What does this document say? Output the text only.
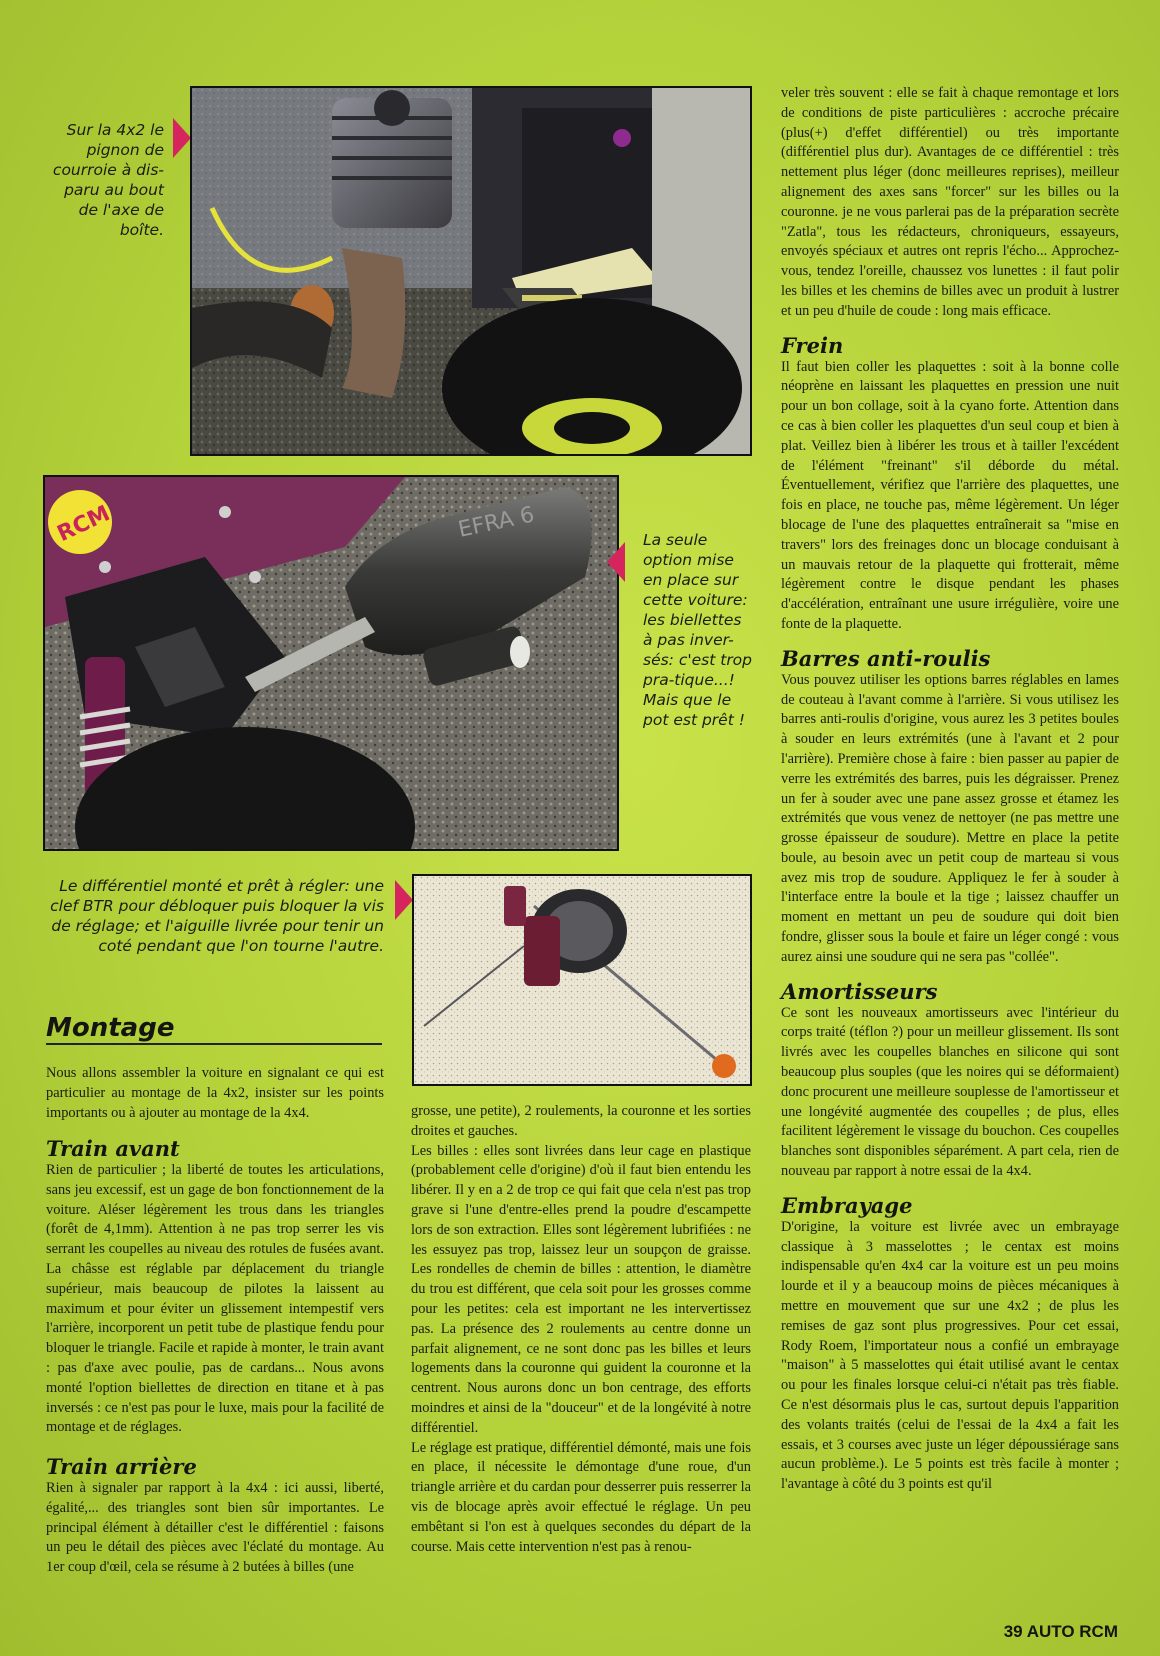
Sur la 4x2 le pignon de courroie à dis-paru au bout de l'axe de boîte.
RCM	EFRA 6	La seule option mise en place sur cette voiture: les biellettes à pas inver-sés: c'est trop pra-tique...! Mais que le pot est prêt !
Le différentiel monté et prêt à régler: une clef BTR pour débloquer puis bloquer la vis de réglage; et l'aiguille livrée pour tenir un coté pendant que l'on tourne l'autre.
Montage

Nous allons assembler la voiture en signalant ce qui est particulier au montage de la 4x2, insister sur les points importants ou à ajouter au montage de la 4x4.

Train avant

Rien de particulier ; la liberté de toutes les articulations, sans jeu excessif, est un gage de bon fonctionnement de la voiture. Aléser légèrement les trous dans les triangles (forêt de 4,1mm). Attention à ne pas trop serrer les vis serrant les coupelles au niveau des rotules de fusées avant. La châsse est réglable par déplacement du triangle supérieur, mais beaucoup de pilotes la laissent au maximum et pour éviter un glissement intempestif vers l'arrière, incorporent un petit tube de plastique fendu pour bloquer le triangle. Facile et rapide à monter, le train avant : pas d'axe avec poulie, pas de cardans... Nous avons monté l'option biellettes de direction en titane et à pas inversés : ce n'est pas pour le luxe, mais pour la facilité de montage et de réglages.

Train arrière

Rien à signaler par rapport à la 4x4 : ici aussi, liberté, égalité,... des triangles sont bien sûr importantes. Le principal élément à détailler c'est le différentiel : faisons un peu le détail des pièces avec l'éclaté du montage. Au 1er coup d'œil, cela se résume à 2 butées à billes (une

grosse, une petite), 2 roulements, la couronne et les sorties droites et gauches.

Les billes : elles sont livrées dans leur cage en plastique (probablement celle d'origine) d'où il faut bien entendu les libérer. Il y en a 2 de trop ce qui fait que cela n'est pas trop grave si l'une d'entre-elles prend la poudre d'escampette lors de son extraction. Elles sont légèrement lubrifiées : ne les essuyez pas trop, laissez leur un soupçon de graisse. Les rondelles de chemin de billes : attention, le diamètre du trou est différent, que cela soit pour les grosses comme pour les petites: cela est important ne les intervertissez pas. La présence des 2 roulements au centre donne un parfait alignement, ce ne sont donc pas les billes et leurs logements dans la couronne qui guident la couronne et la centrent. Nous aurons donc un bon centrage, des efforts moindres et ainsi de la "douceur" et de la longévité à notre différentiel.

Le réglage est pratique, différentiel démonté, mais une fois en place, il nécessite le démontage d'une roue, d'un triangle arrière et du cardan pour desserrer puis resserrer la vis de blocage après avoir effectué le réglage. Un peu embêtant si l'on est à quelques secondes du départ de la course. Mais cette intervention n'est pas à renou-

veler très souvent : elle se fait à chaque remontage et lors de conditions de piste particulières : accroche précaire (plus(+) d'effet différentiel) ou très importante (différentiel plus dur). Avantages de ce différentiel : très nettement plus léger (donc meilleures reprises), meilleur alignement des axes sans "forcer" sur les billes ou la couronne. je ne vous parlerai pas de la préparation secrète "Zatla", tous les rédacteurs, chroniqueurs, essayeurs, envoyés spéciaux et autres ont repris l'écho... Approchez-vous, tendez l'oreille, chaussez vos lunettes : il faut polir les billes et les chemins de billes avec un produit à lustrer et un peu d'huile de coude : long mais efficace.

Frein

Il faut bien coller les plaquettes : soit à la bonne colle néoprène en laissant les plaquettes en pression une nuit pour un bon collage, soit à la cyano forte. Attention dans ce cas à bien coller les plaquettes d'un seul coup et bien à plat. Veillez bien à libérer les trous et à tailler l'excédent de l'élément "freinant" s'il déborde du métal. Éventuellement, vérifiez que l'arrière des plaquettes, une fois en place, ne touche pas, même légèrement. Un léger blocage de l'une des plaquettes entraînerait sa "mise en travers" lors des freinages donc un blocage conduisant à un mauvais retour de la plaquette qui frotterait, même légèrement contre le disque pendant les phases d'accélération, entraînant une usure irrégulière, voire une fonte de la plaquette.

Barres anti-roulis

Vous pouvez utiliser les options barres réglables en lames de couteau à l'avant comme à l'arrière. Si vous utilisez les barres anti-roulis d'origine, vous aurez les 3 petites boules à souder en leurs extrémités (une à l'avant et 2 pour l'arrière). Première chose à faire : bien passer au papier de verre les extrémités des barres, puis les dégraisser. Prenez un fer à souder avec une pane assez grosse et étamez les extrémités que vous venez de nettoyer (ne pas mettre une grosse épaisseur de soudure). Mettre en place la petite boule, au besoin avec un petit coup de marteau si vous avez mis trop de soudure. Appliquez le fer à souder à l'interface entre la boule et la tige ; laissez chauffer un moment en mettant un peu de soudure qui doit bien fondre, glisser sous la boule et faire un léger congé : vous aurez ainsi une soudure qui ne sera pas "collée".

Amortisseurs

Ce sont les nouveaux amortisseurs avec l'intérieur du corps traité (téflon ?) pour un meilleur glissement. Ils sont livrés avec les coupelles blanches en silicone qui sont beaucoup plus souples (que les noires qui se déformaient) donc procurent une meilleure souplesse de l'amortisseur et une longévité augmentée des coupelles ; de plus, elles facilitent légèrement le vissage du bouchon. Ces coupelles blanches sont disponibles séparément. A part cela, rien de nouveau par rapport à notre essai de la 4x4.

Embrayage

D'origine, la voiture est livrée avec un embrayage classique à 3 masselottes ; le centax est moins indispensable qu'en 4x4 car la voiture est un peu moins lourde et il y a beaucoup moins de pièces mécaniques à mettre en mouvement que sur une 4x2 ; de plus les remises de gaz sont plus progressives. Pour cet essai, Rody Roem, l'importateur nous a confié un embrayage "maison" à 5 masselottes qui était utilisé avant le centax ou pour les finales lorsque celui-ci n'était pas très fiable. Ce n'est désormais plus le cas, surtout depuis l'apparition des volants traités (celui de l'essai de la 4x4 a fait les essais, et 3 courses avec juste un léger dépoussiérage sans aucun problème.). Le 5 points est très facile à monter ; l'avantage à côté du 3 points est qu'il

39 AUTO RCM
